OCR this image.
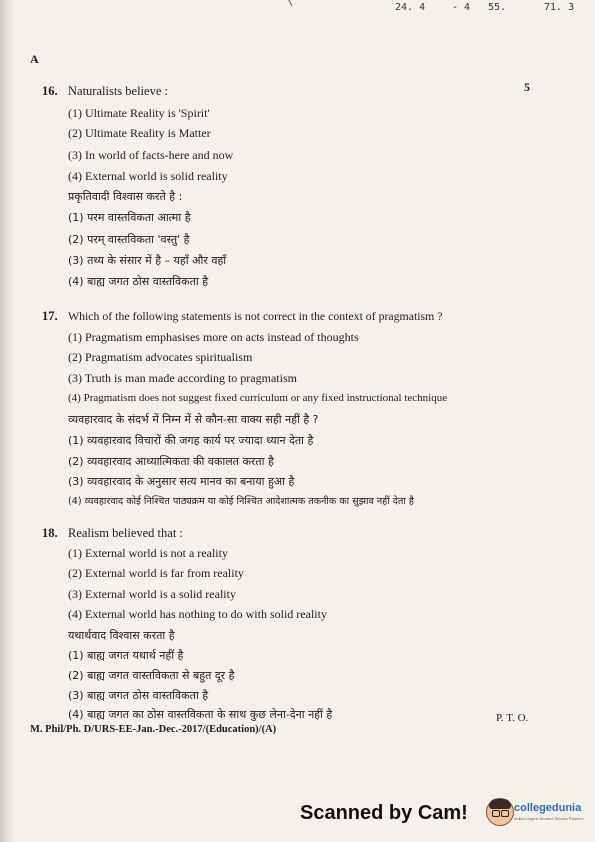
24. 4	- 4 55.	71. 3
A
5
16. Naturalists believe :
(1) Ultimate Reality is 'Spirit'
(2) Ultimate Reality is Matter
(3) In world of facts-here and now
(4) External world is solid reality
प्रकृतिवादी विश्वास करते है :
(1) परम वास्तविकता आत्मा है
(2) परम् वास्तविकता 'वस्तु' है
(3) तथ्य के संसार में है – यहाँ और वहाँ
(4) बाह्य जगत ठोस वास्तविकता है
17. Which of the following statements is not correct in the context of pragmatism ?
(1) Pragmatism emphasises more on acts instead of thoughts
(2) Pragmatism advocates spiritualism
(3) Truth is man made according to pragmatism
(4) Pragmatism does not suggest fixed curriculum or any fixed instructional technique
व्यवहारवाद के संदर्भ में निम्न में से कौन-सा वाक्य सही नहीं है ?
(1) व्यवहारवाद विचारों की जगह कार्य पर ज्यादा ध्यान देता है
(2) व्यवहारवाद आध्यात्मिकता की वकालत करता है
(3) व्यवहारवाद के अनुसार सत्य मानव का बनाया हुआ है
(4) व्यवहारवाद कोई निश्चित पाठ्यक्रम या कोई निश्चित आदेशात्मक तकनीक का सुझाव नहीं देता है
18. Realism believed that :
(1) External world is not a reality
(2) External world is far from reality
(3) External world is a solid reality
(4) External world has nothing to do with solid reality
यथार्थवाद विश्वास करता है
(1) बाह्य जगत यथार्थ नहीं है
(2) बाह्य जगत वास्तविकता से बहुत दूर है
(3) बाह्य जगत ठोस वास्तविकता है
(4) बाह्य जगत का ठोस वास्तविकता के साथ कुछ लेना-देना नहीं है	P. T. O.
M. Phil/Ph. D/URS-EE-Jan.-Dec.-2017/(Education)/(A)
Scanned by Cam!	collegedunia
India's largest Student Review Platform
